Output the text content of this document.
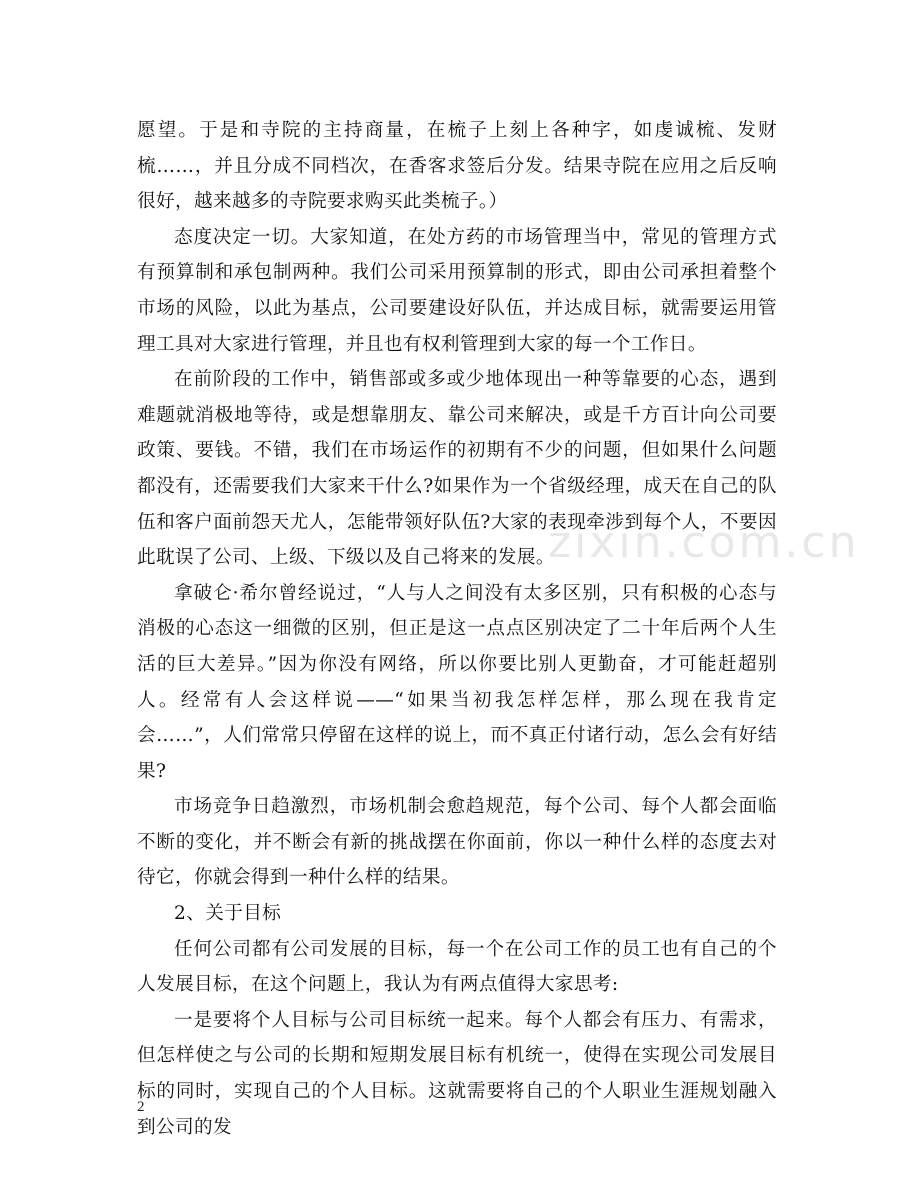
zixin.com.cn

愿望。于是和寺院的主持商量，在梳子上刻上各种字，如虔诚梳、发财梳……，并且分成不同档次，在香客求签后分发。结果寺院在应用之后反响很好，越来越多的寺院要求购买此类梳子。）

态度决定一切。大家知道，在处方药的市场管理当中，常见的管理方式有预算制和承包制两种。我们公司采用预算制的形式，即由公司承担着整个市场的风险，以此为基点，公司要建设好队伍，并达成目标，就需要运用管理工具对大家进行管理，并且也有权利管理到大家的每一个工作日。

在前阶段的工作中，销售部或多或少地体现出一种等靠要的心态，遇到难题就消极地等待，或是想靠朋友、靠公司来解决，或是千方百计向公司要政策、要钱。不错，我们在市场运作的初期有不少的问题，但如果什么问题都没有，还需要我们大家来干什么?如果作为一个省级经理，成天在自己的队伍和客户面前怨天尤人，怎能带领好队伍?大家的表现牵涉到每个人，不要因此耽误了公司、上级、下级以及自己将来的发展。

拿破仑·希尔曾经说过，“人与人之间没有太多区别，只有积极的心态与消极的心态这一细微的区别，但正是这一点点区别决定了二十年后两个人生活的巨大差异。”因为你没有网络，所以你要比别人更勤奋，才可能赶超别人。经常有人会这样说——“如果当初我怎样怎样，那么现在我肯定会……”，人们常常只停留在这样的说上，而不真正付诸行动，怎么会有好结果?

市场竞争日趋激烈，市场机制会愈趋规范，每个公司、每个人都会面临不断的变化，并不断会有新的挑战摆在你面前，你以一种什么样的态度去对待它，你就会得到一种什么样的结果。

2、关于目标

任何公司都有公司发展的目标，每一个在公司工作的员工也有自己的个人发展目标，在这个问题上，我认为有两点值得大家思考:

一是要将个人目标与公司目标统一起来。每个人都会有压力、有需求，但怎样使之与公司的长期和短期发展目标有机统一，使得在实现公司发展目标的同时，实现自己的个人目标。这就需要将自己的个人职业生涯规划融入到公司的发

2
